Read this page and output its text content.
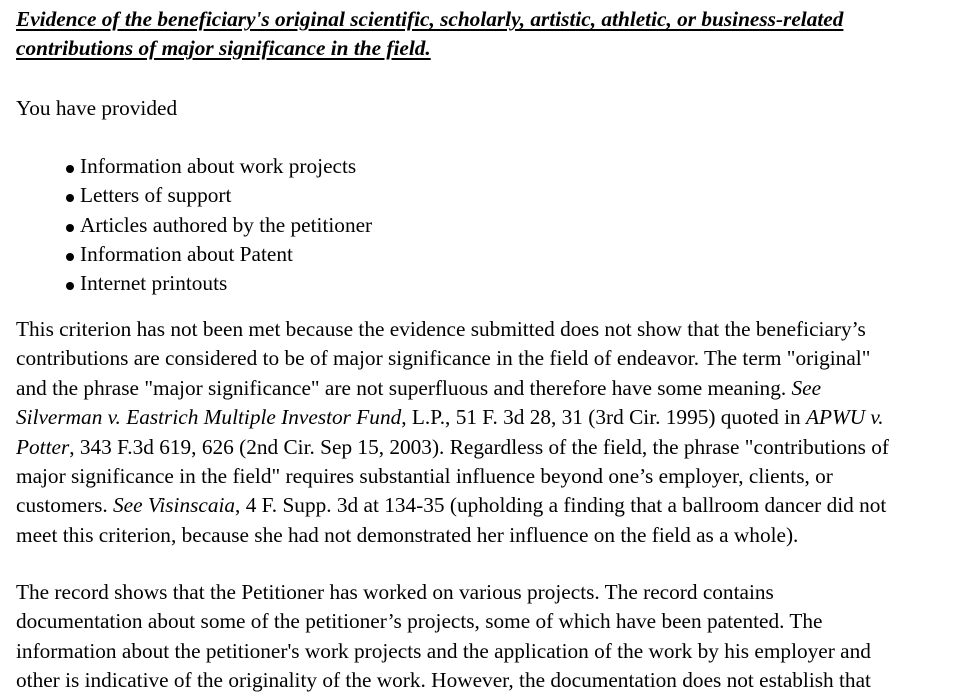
Evidence of the beneficiary's original scientific, scholarly, artistic, athletic, or business-related
contributions of major significance in the field.

You have provided

Information about work projects
Letters of support
Articles authored by the petitioner
Information about Patent
Internet printouts
This criterion has not been met because the evidence submitted does not show that the beneficiary’s
contributions are considered to be of major significance in the field of endeavor. The term "original"
and the phrase "major significance" are not superfluous and therefore have some meaning. See
Silverman v. Eastrich Multiple Investor Fund, L.P., 51 F. 3d 28, 31 (3rd Cir. 1995) quoted in APWU v.
Potter, 343 F.3d 619, 626 (2nd Cir. Sep 15, 2003). Regardless of the field, the phrase "contributions of
major significance in the field" requires substantial influence beyond one’s employer, clients, or
customers. See Visinscaia, 4 F. Supp. 3d at 134-35 (upholding a finding that a ballroom dancer did not
meet this criterion, because she had not demonstrated her influence on the field as a whole).
The record shows that the Petitioner has worked on various projects. The record contains
documentation about some of the petitioner’s projects, some of which have been patented. The
information about the petitioner's work projects and the application of the work by his employer and
other is indicative of the originality of the work. However, the documentation does not establish that
